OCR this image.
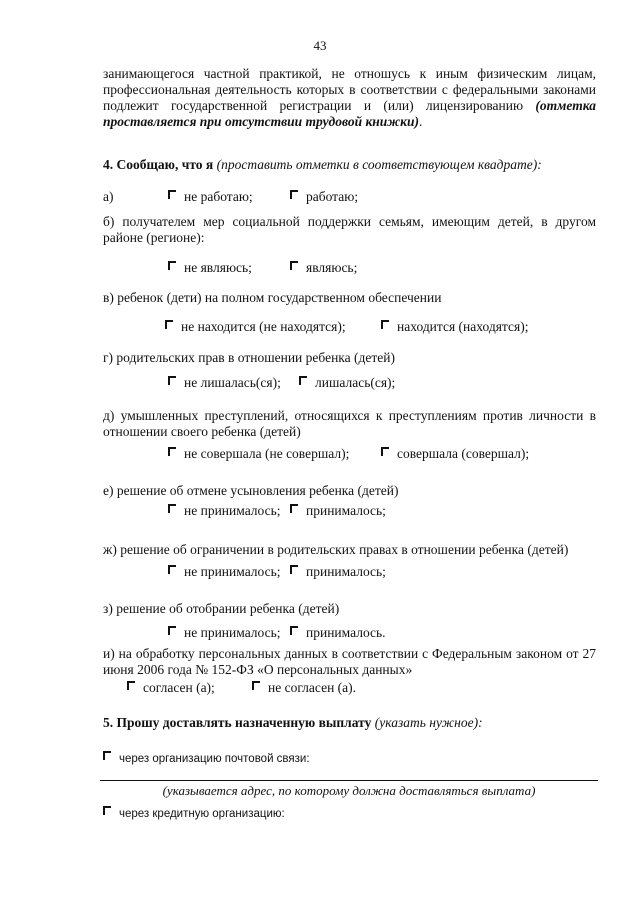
43
занимающегося частной практикой, не отношусь к иным физическим лицам, профессиональная деятельность которых в соответствии с федеральными законами подлежит государственной регистрации и (или) лицензированию (отметка проставляется при отсутствии трудовой книжки).
4. Сообщаю, что я (проставить отметки в соответствующем квадрате):
а)	не работаю;	работаю;
б) получателем мер социальной поддержки семьям, имеющим детей, в другом районе (регионе):
не являюсь;	являюсь;
в) ребенок (дети) на полном государственном обеспечении
не находится (не находятся);	находится (находятся);
г) родительских прав в отношении ребенка (детей)
не лишалась(ся);	лишалась(ся);
д) умышленных преступлений, относящихся к преступлениям против личности в отношении своего ребенка (детей)
не совершала (не совершал);	совершала (совершал);
е) решение об отмене усыновления ребенка (детей)
не принималось;	принималось;
ж) решение об ограничении в родительских правах в отношении ребенка (детей)
не принималось;	принималось;
з) решение об отобрании ребенка (детей)
не принималось;	принималось.
и) на обработку персональных данных в соответствии с Федеральным законом от 27 июня 2006 года № 152-ФЗ «О персональных данных»
согласен (а);	не согласен (а).
5. Прошу доставлять назначенную выплату (указать нужное):
через организацию почтовой связи:
(указывается адрес, по которому должна доставляться выплата)
через кредитную организацию:
